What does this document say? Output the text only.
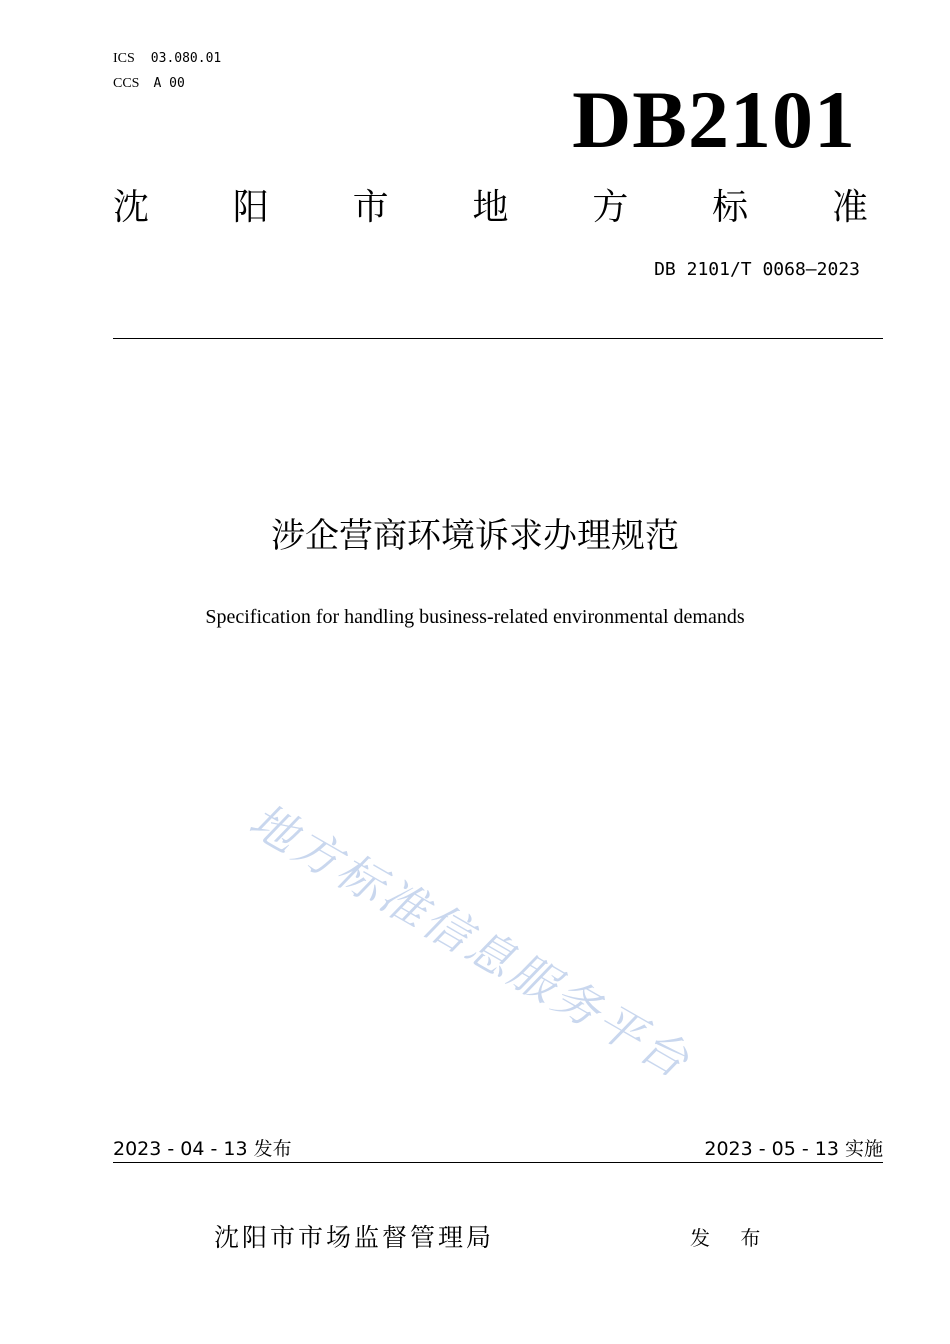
ICS 03.080.01
CCS A 00	DB2101
沈 阳 市 地 方 标 准
DB 2101/T 0068—2023
涉企营商环境诉求办理规范
Specification for handling business-related environmental demands
地方标准信息服务平台
2023 - 04 - 13 发布	2023 - 05 - 13 实施
沈阳市市场监督管理局	发 布
